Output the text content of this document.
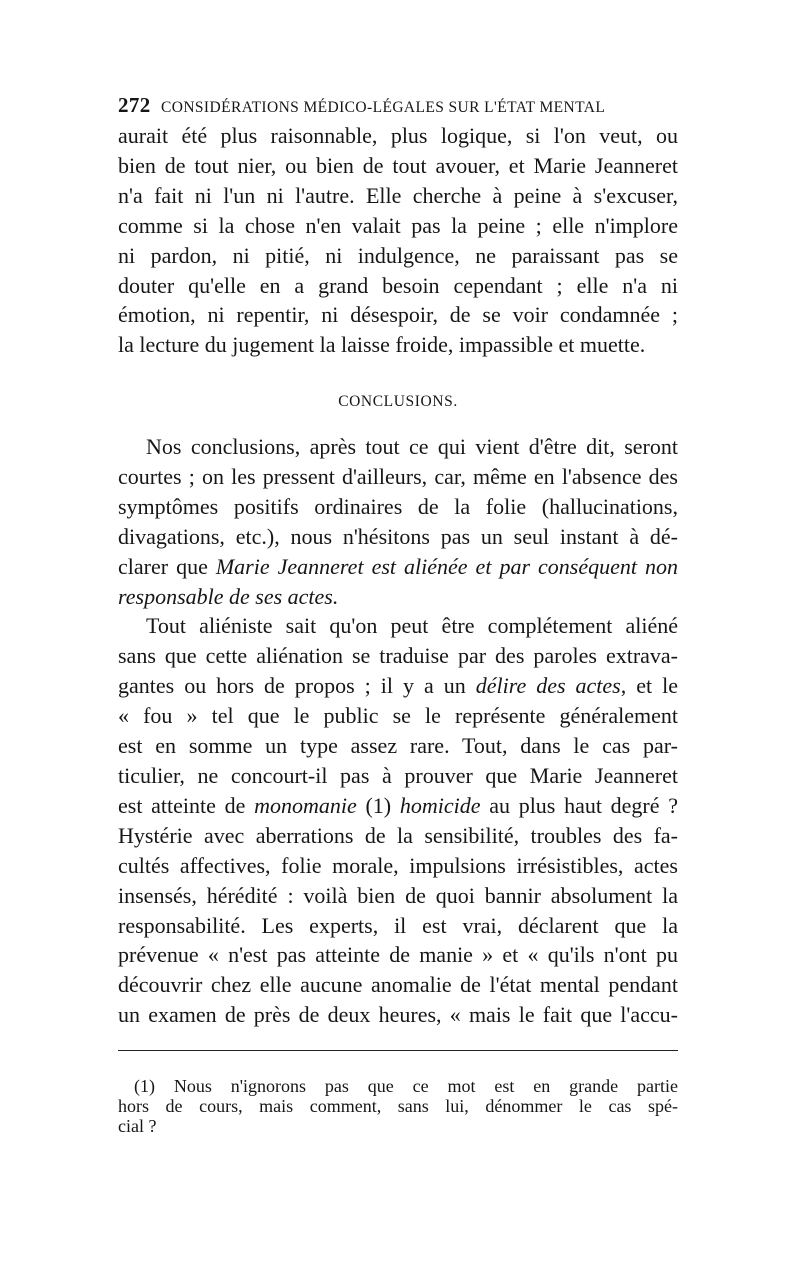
272 CONSIDÉRATIONS MÉDICO-LÉGALES SUR L'ÉTAT MENTAL
aurait été plus raisonnable, plus logique, si l'on veut, ou
bien de tout nier, ou bien de tout avouer, et Marie Jeanneret
n'a fait ni l'un ni l'autre. Elle cherche à peine à s'excuser,
comme si la chose n'en valait pas la peine ; elle n'implore
ni pardon, ni pitié, ni indulgence, ne paraissant pas se
douter qu'elle en a grand besoin cependant ; elle n'a ni
émotion, ni repentir, ni désespoir, de se voir condamnée ;
la lecture du jugement la laisse froide, impassible et muette.
CONCLUSIONS.
Nos conclusions, après tout ce qui vient d'être dit, seront
courtes ; on les pressent d'ailleurs, car, même en l'absence des
symptômes positifs ordinaires de la folie (hallucinations,
divagations, etc.), nous n'hésitons pas un seul instant à dé-
clarer que Marie Jeanneret est aliénée et par conséquent non
responsable de ses actes.
Tout aliéniste sait qu'on peut être complétement aliéné
sans que cette aliénation se traduise par des paroles extrava-
gantes ou hors de propos ; il y a un délire des actes, et le
« fou » tel que le public se le représente généralement
est en somme un type assez rare. Tout, dans le cas par-
ticulier, ne concourt-il pas à prouver que Marie Jeanneret
est atteinte de monomanie (1) homicide au plus haut degré ?
Hystérie avec aberrations de la sensibilité, troubles des fa-
cultés affectives, folie morale, impulsions irrésistibles, actes
insensés, hérédité : voilà bien de quoi bannir absolument la
responsabilité. Les experts, il est vrai, déclarent que la
prévenue « n'est pas atteinte de manie » et « qu'ils n'ont pu
découvrir chez elle aucune anomalie de l'état mental pendant
un examen de près de deux heures, « mais le fait que l'accu-
(1) Nous n'ignorons pas que ce mot est en grande partie
hors de cours, mais comment, sans lui, dénommer le cas spé-
cial ?
